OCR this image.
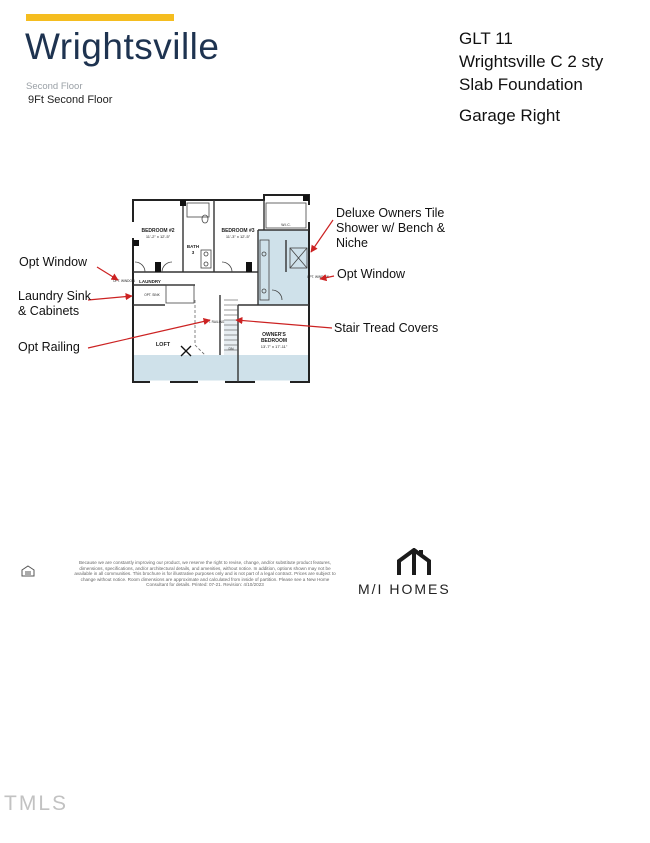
Wrightsville
Second Floor
9Ft Second Floor
GLT 11
Wrightsville C 2 sty
Slab Foundation
Garage Right
BEDROOM #2
11'-2" x 12'-5"
BEDROOM #3
11'-3" x 12'-5"
BATH
3
LAUNDRY
LOFT
OWNER'S
BEDROOM
13'-7" x 17'-11"
W.I.C.
OPT. WINDOW
OPT. WINDOW
OPT. SINK
DN
OPT. RAILING
Deluxe Owners Tile
Shower w/ Bench &
Niche
Opt Window
Opt Window
Laundry Sink
& Cabinets
Stair Tread Covers
Opt Railing
Because we are constantly improving our product, we reserve the right to revise, change, and/or substitute product features, dimensions, specifications, and/or architectural details, and amenities, without notice. In addition, options shown may not be available in all communities. This brochure is for illustrative purposes only and is not part of a legal contract. Prices are subject to change without notice. Room dimensions are approximate and calculated from inside of partition. Please see a New Home Consultant for details. Printed: 07-21. Revision: 4/10/2023	M/I HOMES
TMLS
